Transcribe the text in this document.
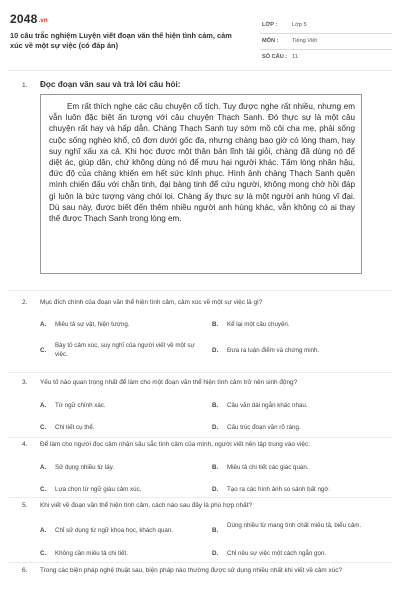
2048.vn
10 câu trắc nghiệm Luyện viết đoạn văn thể hiện tình cảm, cảm xúc về một sự việc (có đáp án)
LỚP :	Lớp 5
MÔN : Tiếng Việt
SỐ CÂU : 11
1. Đọc đoạn văn sau và trả lời câu hỏi:
Em rất thích nghe các câu chuyện cổ tích. Tuy được nghe rất nhiều, nhưng em vẫn luôn đặc biệt ấn tượng với câu chuyện Thạch Sanh. Đó thực sự là một câu chuyện rất hay và hấp dẫn. Chàng Thạch Sanh tuy sớm mồ côi cha mẹ, phải sống cuộc sống nghèo khổ, cô đơn dưới gốc đa, nhưng chàng bao giờ có lòng tham, hay suy nghĩ xấu xa cả. Khi học được một thân bản lĩnh tài giỏi, chàng đã dùng nó để diệt ác, giúp dân, chứ không dùng nó để mưu hại người khác. Tấm lòng nhân hậu, đức độ của chàng khiến em hết sức kính phục. Hình ảnh chàng Thạch Sanh quên mình chiến đấu với chằn tinh, đại bàng tinh để cứu người, không mong chờ hồi đáp gì luôn là bức tượng vàng chói lọi. Chàng ấy thực sự là một người anh hùng vĩ đại. Dù sau này, được biết đến thêm nhiều người anh hùng khác, vẫn không có ai thay thế được Thạch Sanh trong lòng em.
2. Mục đích chính của đoạn văn thể hiện tình cảm, cảm xúc về một sự việc là gì?
A. Miêu tả sự vật, hiện tượng.	B. Kể lại một câu chuyện.
C.
Bày tỏ cảm xúc, suy nghĩ của người viết về một sự việc.
D. Đưa ra luận điểm và chứng minh.
3. Yếu tố nào quan trọng nhất để làm cho một đoạn văn thể hiện tình cảm trở nên sinh động?
A. Từ ngữ chính xác.	B. Câu văn dài ngắn khác nhau.
C. Chi tiết cụ thể.	D. Cấu trúc đoạn văn rõ ràng.
4. Để làm cho người đọc cảm nhận sâu sắc tình cảm của mình, người viết nên tập trung vào việc:
A. Sử dụng nhiều từ láy.	B. Miêu tả chi tiết các giác quan.
C. Lựa chọn từ ngữ giàu cảm xúc.	D. Tạo ra các hình ảnh so sánh bất ngờ.
5. Khi viết về đoạn văn thể hiện tình cảm, cách nào sau đây là phù hợp nhất?
A. Chỉ sử dụng từ ngữ khoa học, khách quan.	B.
Dùng nhiều từ mang tính chất miêu tả, biểu cảm.
C. Không cần miêu tả chi tiết.	D. Chỉ nêu sự việc một cách ngắn gọn.
6. Trong các biện pháp nghệ thuật sau, biện pháp nào thường được sử dụng nhiều nhất khi viết về cảm xúc?
